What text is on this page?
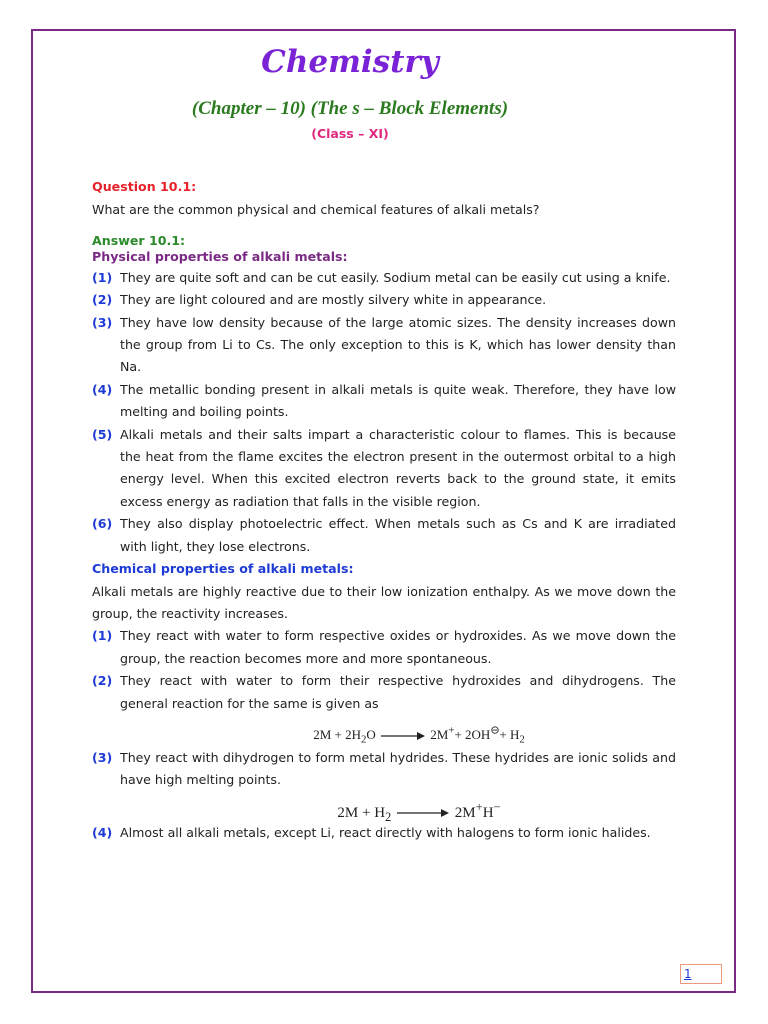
Chemistry
(Chapter – 10) (The s – Block Elements)
(Class – XI)
Question 10.1:
What are the common physical and chemical features of alkali metals?
Answer 10.1:
Physical properties of alkali metals:
(1) They are quite soft and can be cut easily. Sodium metal can be easily cut using a knife.
(2) They are light coloured and are mostly silvery white in appearance.
(3) They have low density because of the large atomic sizes. The density increases down the group from Li to Cs. The only exception to this is K, which has lower density than Na.
(4) The metallic bonding present in alkali metals is quite weak. Therefore, they have low melting and boiling points.
(5) Alkali metals and their salts impart a characteristic colour to flames. This is because the heat from the flame excites the electron present in the outermost orbital to a high energy level. When this excited electron reverts back to the ground state, it emits excess energy as radiation that falls in the visible region.
(6) They also display photoelectric effect. When metals such as Cs and K are irradiated with light, they lose electrons.
Chemical properties of alkali metals:
Alkali metals are highly reactive due to their low ionization enthalpy. As we move down the group, the reactivity increases.
(1) They react with water to form respective oxides or hydroxides. As we move down the group, the reaction becomes more and more spontaneous.
(2) They react with water to form their respective hydroxides and dihydrogens. The general reaction for the same is given as
$2M + 2H_2O \to 2M^++ 2OH^⊖+ H_2$
(3) They react with dihydrogen to form metal hydrides. These hydrides are ionic solids and have high melting points.
$2M + H_2 \to 2M^+H^-$
(4) Almost all alkali metals, except Li, react directly with halogens to form ionic halides.
1
